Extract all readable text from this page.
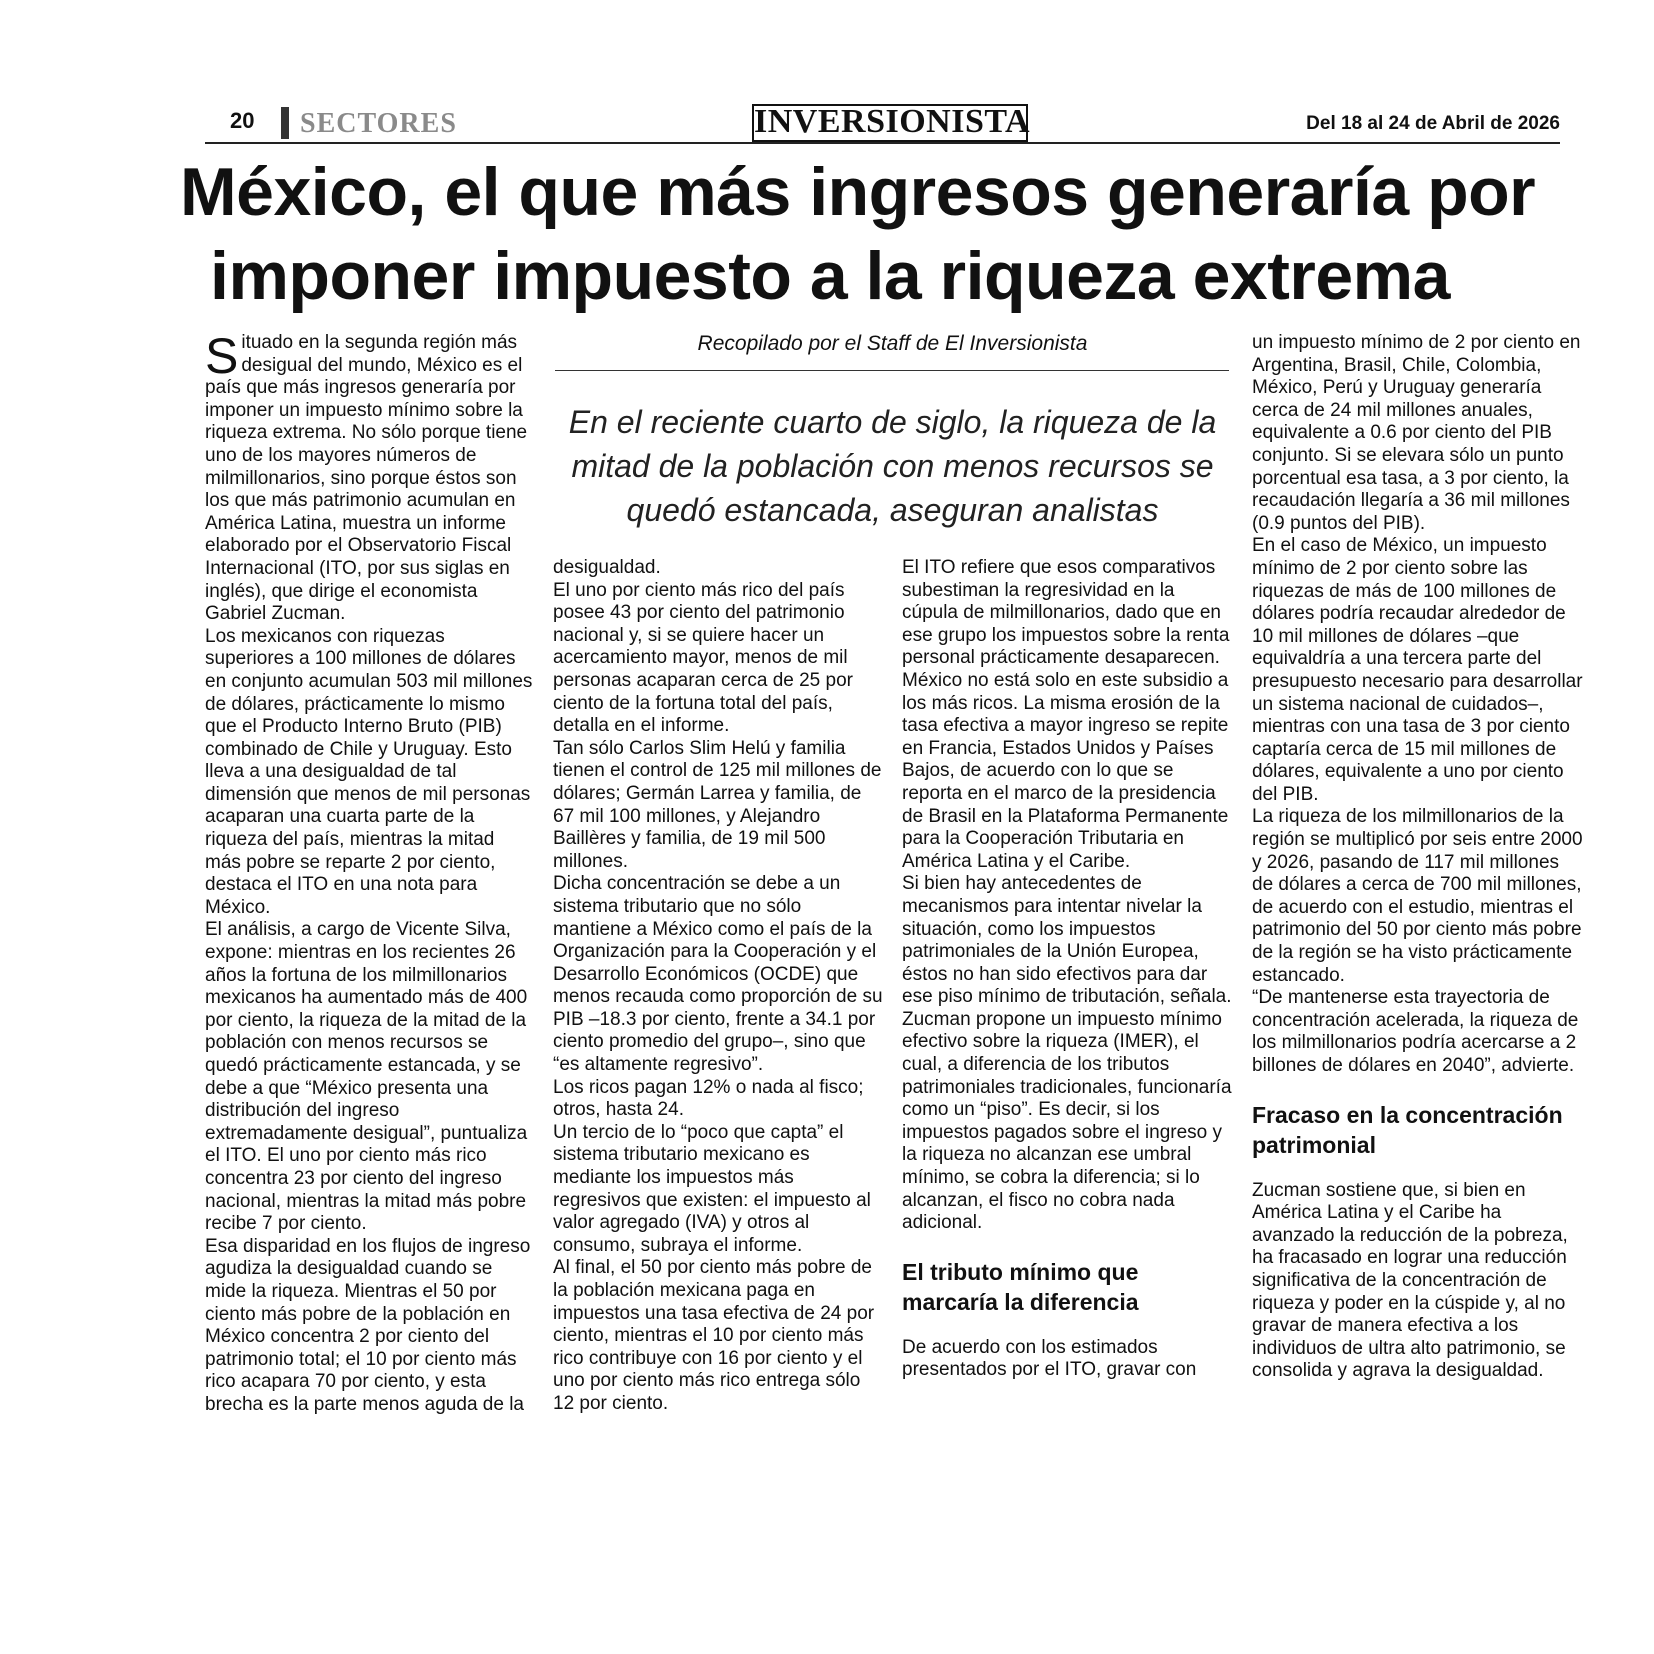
20 SECTORES	INVERSIONISTA	Del 18 al 24 de Abril de 2026
México, el que más ingresos generaría por
imponer impuesto a la riqueza extrema
Recopilado por el Staff de El Inversionista
En el reciente cuarto de siglo, la riqueza de la mitad de la población con menos recursos se quedó estancada, aseguran analistas

Situado en la segunda región más desigual del mundo, México es el país que más ingresos generaría por imponer un impuesto mínimo sobre la riqueza extrema. No sólo porque tiene uno de los mayores números de milmillonarios, sino porque éstos son los que más patrimonio acumulan en América Latina, muestra un informe elaborado por el Observatorio Fiscal Internacional (ITO, por sus siglas en inglés), que dirige el economista Gabriel Zucman.

Los mexicanos con riquezas superiores a 100 millones de dólares en conjunto acumulan 503 mil millones de dólares, prácticamente lo mismo que el Producto Interno Bruto (PIB) combinado de Chile y Uruguay. Esto lleva a una desigualdad de tal dimensión que menos de mil personas acaparan una cuarta parte de la riqueza del país, mientras la mitad más pobre se reparte 2 por ciento, destaca el ITO en una nota para México.

El análisis, a cargo de Vicente Silva, expone: mientras en los recientes 26 años la fortuna de los milmillonarios mexicanos ha aumentado más de 400 por ciento, la riqueza de la mitad de la población con menos recursos se quedó prácticamente estancada, y se debe a que “México presenta una distribución del ingreso extremadamente desigual”, puntualiza el ITO. El uno por ciento más rico concentra 23 por ciento del ingreso nacional, mientras la mitad más pobre recibe 7 por ciento.

Esa disparidad en los flujos de ingreso agudiza la desigualdad cuando se mide la riqueza. Mientras el 50 por ciento más pobre de la población en México concentra 2 por ciento del patrimonio total; el 10 por ciento más rico acapara 70 por ciento, y esta brecha es la parte menos aguda de la

desigualdad.

El uno por ciento más rico del país posee 43 por ciento del patrimonio nacional y, si se quiere hacer un acercamiento mayor, menos de mil personas acaparan cerca de 25 por ciento de la fortuna total del país, detalla en el informe.

Tan sólo Carlos Slim Helú y familia tienen el control de 125 mil millones de dólares; Germán Larrea y familia, de 67 mil 100 millones, y Alejandro Baillères y familia, de 19 mil 500 millones.

Dicha concentración se debe a un sistema tributario que no sólo mantiene a México como el país de la Organización para la Cooperación y el Desarrollo Económicos (OCDE) que menos recauda como proporción de su PIB –18.3 por ciento, frente a 34.1 por ciento promedio del grupo–, sino que “es altamente regresivo”.

Los ricos pagan 12% o nada al fisco; otros, hasta 24.

Un tercio de lo “poco que capta” el sistema tributario mexicano es mediante los impuestos más regresivos que existen: el impuesto al valor agregado (IVA) y otros al consumo, subraya el informe.

Al final, el 50 por ciento más pobre de la población mexicana paga en impuestos una tasa efectiva de 24 por ciento, mientras el 10 por ciento más rico contribuye con 16 por ciento y el uno por ciento más rico entrega sólo 12 por ciento.

El ITO refiere que esos comparativos subestiman la regresividad en la cúpula de milmillonarios, dado que en ese grupo los impuestos sobre la renta personal prácticamente desaparecen. México no está solo en este subsidio a los más ricos. La misma erosión de la tasa efectiva a mayor ingreso se repite en Francia, Estados Unidos y Países Bajos, de acuerdo con lo que se reporta en el marco de la presidencia de Brasil en la Plataforma Permanente para la Cooperación Tributaria en América Latina y el Caribe.

Si bien hay antecedentes de mecanismos para intentar nivelar la situación, como los impuestos patrimoniales de la Unión Europea, éstos no han sido efectivos para dar ese piso mínimo de tributación, señala.

Zucman propone un impuesto mínimo efectivo sobre la riqueza (IMER), el cual, a diferencia de los tributos patrimoniales tradicionales, funcionaría como un “piso”. Es decir, si los impuestos pagados sobre el ingreso y la riqueza no alcanzan ese umbral mínimo, se cobra la diferencia; si lo alcanzan, el fisco no cobra nada adicional.

El tributo mínimo que marcaría la diferencia

De acuerdo con los estimados presentados por el ITO, gravar con

un impuesto mínimo de 2 por ciento en Argentina, Brasil, Chile, Colombia, México, Perú y Uruguay generaría cerca de 24 mil millones anuales, equivalente a 0.6 por ciento del PIB conjunto. Si se elevara sólo un punto porcentual esa tasa, a 3 por ciento, la recaudación llegaría a 36 mil millones (0.9 puntos del PIB).

En el caso de México, un impuesto mínimo de 2 por ciento sobre las riquezas de más de 100 millones de dólares podría recaudar alrededor de 10 mil millones de dólares –que equivaldría a una tercera parte del presupuesto necesario para desarrollar un sistema nacional de cuidados–, mientras con una tasa de 3 por ciento captaría cerca de 15 mil millones de dólares, equivalente a uno por ciento del PIB.

La riqueza de los milmillonarios de la región se multiplicó por seis entre 2000 y 2026, pasando de 117 mil millones de dólares a cerca de 700 mil millones, de acuerdo con el estudio, mientras el patrimonio del 50 por ciento más pobre de la región se ha visto prácticamente estancado.

“De mantenerse esta trayectoria de concentración acelerada, la riqueza de los milmillonarios podría acercarse a 2 billones de dólares en 2040”, advierte.

Fracaso en la concentración patrimonial

Zucman sostiene que, si bien en América Latina y el Caribe ha avanzado la reducción de la pobreza, ha fracasado en lograr una reducción significativa de la concentración de riqueza y poder en la cúspide y, al no gravar de manera efectiva a los individuos de ultra alto patrimonio, se consolida y agrava la desigualdad.
